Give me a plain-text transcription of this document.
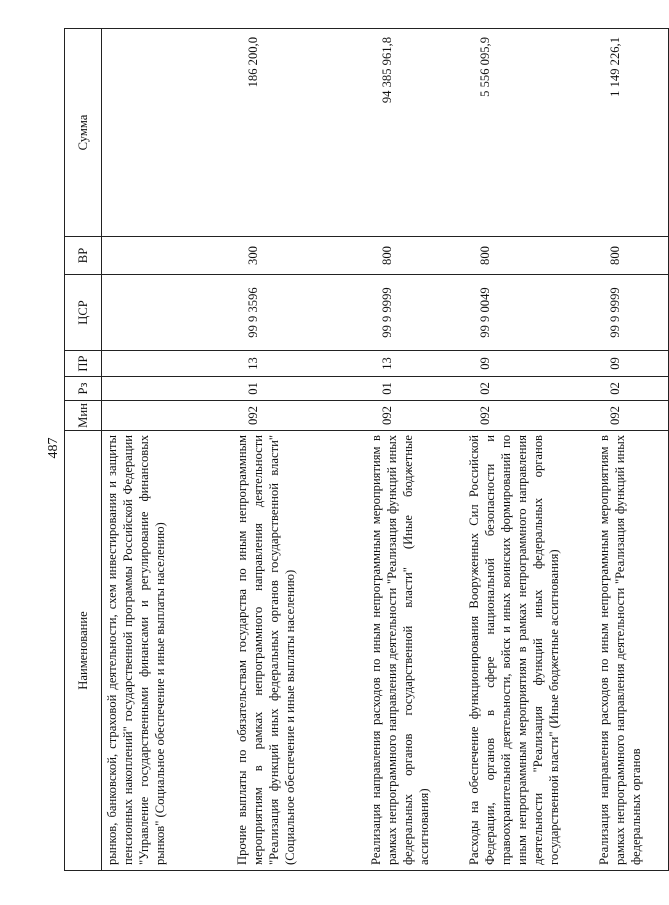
487
Наименование	Мин	Рз	ПР	ЦСР	ВР	Сумма
рынков, банковской, страховой деятельности, схем инвестирования и защиты пенсионных накоплений" государственной программы Российской Федерации "Управление государственными финансами и регулирование финансовых рынков" (Социальное обеспечение и иные выплаты населению)						
Прочие выплаты по обязательствам государства по иным непрограммным мероприятиям в рамках непрограммного направления деятельности "Реализация функций иных федеральных органов государственной власти" (Социальное обеспечение и иные выплаты населению)	092	01	13	99 9 3596	300	186 200,0
Реализация направления расходов по иным непрограммным мероприятиям в рамках непрограммного направления деятельности "Реализация функций иных федеральных органов государственной власти" (Иные бюджетные ассигнования)	092	01	13	99 9 9999	800	94 385 961,8
Расходы на обеспечение функционирования Вооруженных Сил Российской Федерации, органов в сфере национальной безопасности и правоохранительной деятельности, войск и иных воинских формирований по иным непрограммным мероприятиям в рамках непрограммного направления деятельности "Реализация функций иных федеральных органов государственной власти" (Иные бюджетные ассигнования)	092	02	09	99 9 0049	800	5 556 095,9
Реализация направления расходов по иным непрограммным мероприятиям в рамках непрограммного направления деятельности "Реализация функций иных федеральных органов	092	02	09	99 9 9999	800	1 149 226,1
